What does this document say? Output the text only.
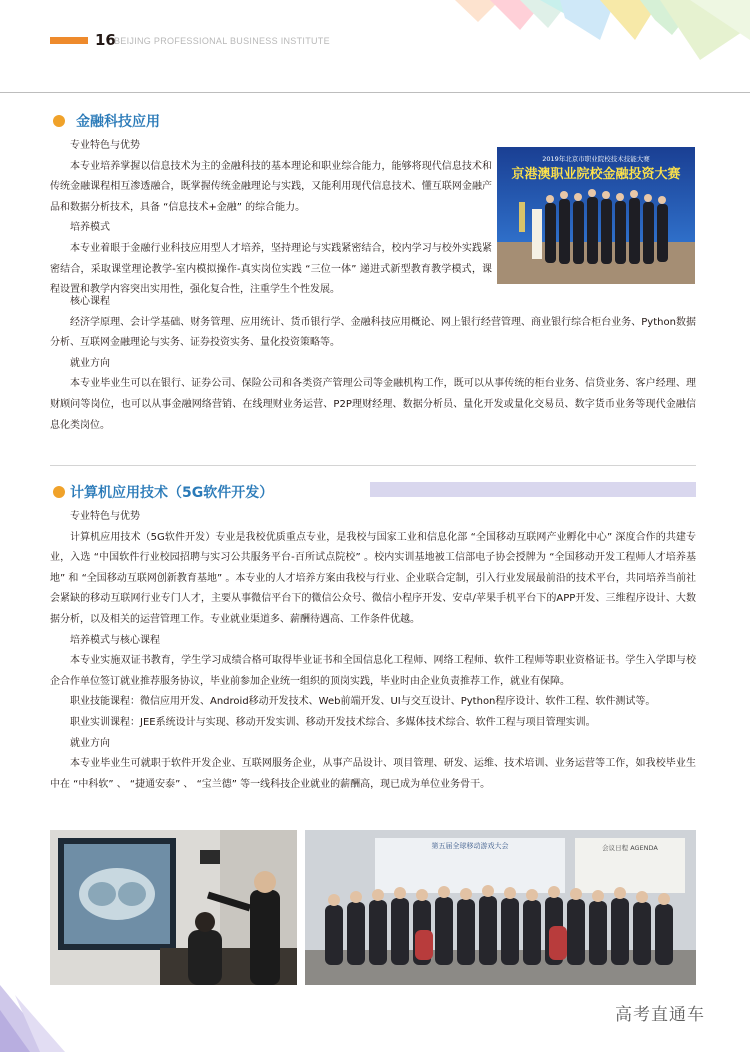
16
BEIJING PROFESSIONAL BUSINESS INSTITUTE
金融科技应用

专业特色与优势

本专业培养掌握以信息技术为主的金融科技的基本理论和职业综合能力，能够将现代信息技术和传统金融课程相互渗透融合，既掌握传统金融理论与实践，又能利用现代信息技术、懂互联网金融产品和数据分析技术，具备 “信息技术+金融” 的综合能力。

培养模式

本专业着眼于金融行业科技应用型人才培养，坚持理论与实践紧密结合，校内学习与校外实践紧密结合，采取课堂理论教学-室内模拟操作-真实岗位实践 “三位一体” 递进式新型教育教学模式，课程设置和教学内容突出实用性，强化复合性，注重学生个性发展。

2019年北京市职业院校技术技能大赛
京港澳职业院校金融投资大赛

核心课程

经济学原理、会计学基础、财务管理、应用统计、货币银行学、金融科技应用概论、网上银行经营管理、商业银行综合柜台业务、Python数据分析、互联网金融理论与实务、证券投资实务、量化投资策略等。

就业方向

本专业毕业生可以在银行、证券公司、保险公司和各类资产管理公司等金融机构工作，既可以从事传统的柜台业务、信贷业务、客户经理、理财顾问等岗位，也可以从事金融网络营销、在线理财业务运营、P2P理财经理、数据分析员、量化开发或量化交易员、数字货币业务等现代金融信息化类岗位。

计算机应用技术（5G软件开发）

专业特色与优势

计算机应用技术（5G软件开发）专业是我校优质重点专业，是我校与国家工业和信息化部 “全国移动互联网产业孵化中心” 深度合作的共建专业，入选 “中国软件行业校园招聘与实习公共服务平台-百所试点院校” 。校内实训基地被工信部电子协会授牌为 “全国移动开发工程师人才培养基地” 和 “全国移动互联网创新教育基地” 。本专业的人才培养方案由我校与行业、企业联合定制，引入行业发展最前沿的技术平台，共同培养当前社会紧缺的移动互联网行业专门人才，主要从事微信平台下的微信公众号、微信小程序开发、安卓/苹果手机平台下的APP开发、三维程序设计、大数据分析，以及相关的运营管理工作。专业就业渠道多、薪酬待遇高、工作条件优越。

培养模式与核心课程

本专业实施双证书教育，学生学习成绩合格可取得毕业证书和全国信息化工程师、网络工程师、软件工程师等职业资格证书。学生入学即与校企合作单位签订就业推荐服务协议，毕业前参加企业统一组织的顶岗实践，毕业时由企业负责推荐工作，就业有保障。

职业技能课程：微信应用开发、Android移动开发技术、Web前端开发、UI与交互设计、Python程序设计、软件工程、软件测试等。

职业实训课程：JEE系统设计与实现、移动开发实训、移动开发技术综合、多媒体技术综合、软件工程与项目管理实训。

就业方向

本专业毕业生可就职于软件开发企业、互联网服务企业，从事产品设计、项目管理、研发、运维、技术培训、业务运营等工作，如我校毕业生中在 “中科软” 、 “捷通安泰” 、 “宝兰德” 等一线科技企业就业的薪酬高，现已成为单位业务骨干。

第五届全球移动游戏大会	会议日程 AGENDA
高考直通车
